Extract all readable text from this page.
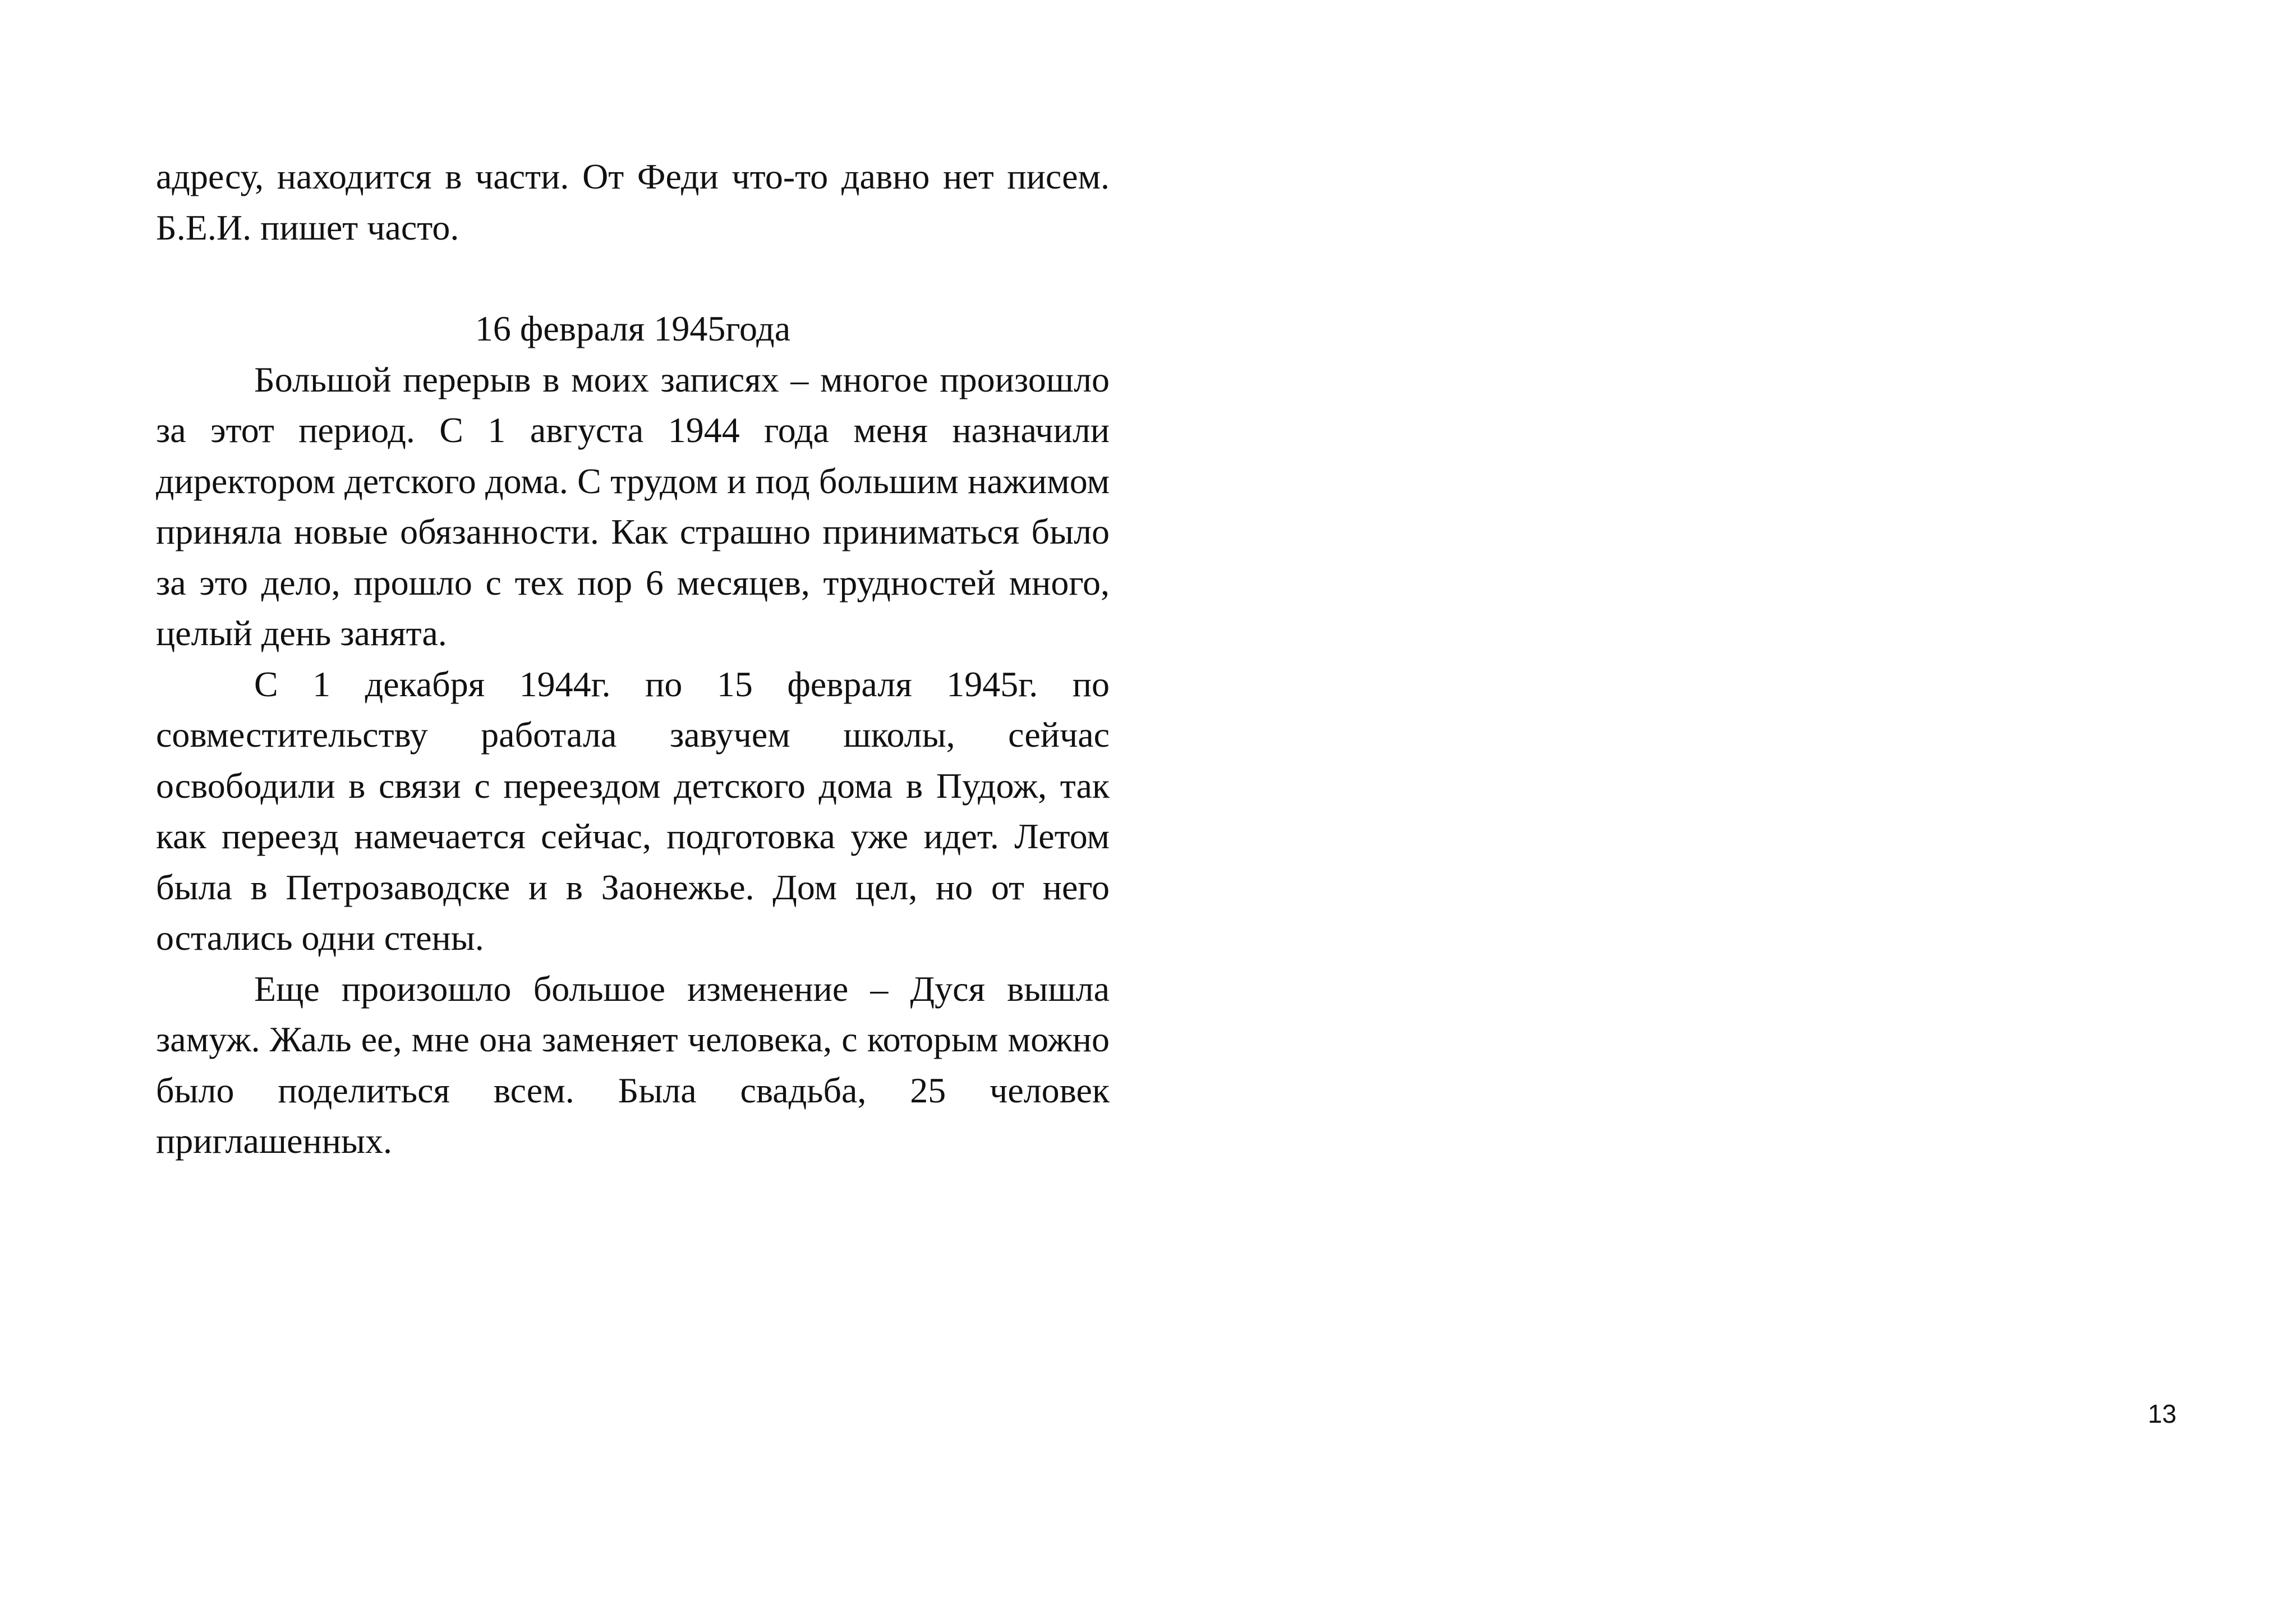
адресу, находится в части. От Феди что-то давно нет писем. Б.Е.И. пишет часто.

16 февраля 1945года

Большой перерыв в моих записях – многое произошло за этот период. С 1 августа 1944 года меня назначили директором детского дома. С трудом и под большим нажимом приняла новые обязанности. Как страшно приниматься было за это дело, прошло с тех пор 6 месяцев, трудностей много, целый день занята.

С 1 декабря 1944г. по 15 февраля 1945г. по совместительству работала завучем школы, сейчас освободили в связи с переездом детского дома в Пудож, так как переезд намечается сейчас, подготовка уже идет. Летом была в Петрозаводске и в Заонежье. Дом цел, но от него остались одни стены.

Еще произошло большое изменение – Дуся вышла замуж. Жаль ее, мне она заменяет человека, с которым можно было поделиться всем. Была свадьба, 25 человек приглашенных.

13
